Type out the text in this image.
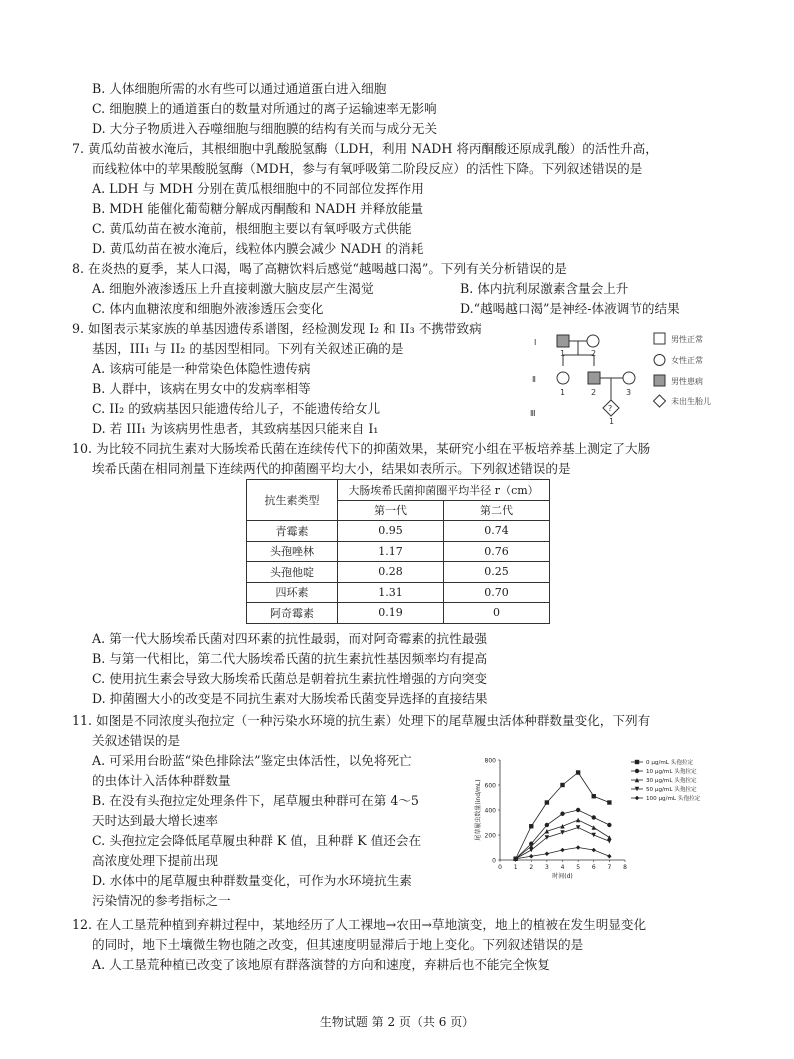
B. 人体细胞所需的水有些可以通过通道蛋白进入细胞
C. 细胞膜上的通道蛋白的数量对所通过的离子运输速率无影响
D. 大分子物质进入吞噬细胞与细胞膜的结构有关而与成分无关
7. 黄瓜幼苗被水淹后，其根细胞中乳酸脱氢酶（LDH，利用 NADH 将丙酮酸还原成乳酸）的活性升高，
而线粒体中的苹果酸脱氢酶（MDH，参与有氧呼吸第二阶段反应）的活性下降。下列叙述错误的是
A. LDH 与 MDH 分别在黄瓜根细胞中的不同部位发挥作用
B. MDH 能催化葡萄糖分解成丙酮酸和 NADH 并释放能量
C. 黄瓜幼苗在被水淹前，根细胞主要以有氧呼吸方式供能
D. 黄瓜幼苗在被水淹后，线粒体内膜会减少 NADH 的消耗
8. 在炎热的夏季，某人口渴，喝了高糖饮料后感觉“越喝越口渴”。下列有关分析错误的是
A. 细胞外液渗透压上升直接刺激大脑皮层产生渴觉	B. 体内抗利尿激素含量会上升
C. 体内血糖浓度和细胞外液渗透压会变化	D.“越喝越口渴”是神经-体液调节的结果
9. 如图表示某家族的单基因遗传系谱图，经检测发现 I₂ 和 II₃ 不携带致病
基因，III₁ 与 II₂ 的基因型相同。下列有关叙述正确的是
A. 该病可能是一种常染色体隐性遗传病
B. 人群中，该病在男女中的发病率相等
C. II₂ 的致病基因只能遗传给儿子，不能遗传给女儿
D. 若 III₁ 为该病男性患者，其致病基因只能来自 I₁
Ⅰ
Ⅱ
Ⅲ
1	2
1	2	3
?
1
男性正常
女性正常
男性患病
未出生胎儿
10. 为比较不同抗生素对大肠埃希氏菌在连续传代下的抑菌效果，某研究小组在平板培养基上测定了大肠
埃希氏菌在相同剂量下连续两代的抑菌圈平均大小，结果如表所示。下列叙述错误的是
抗生素类型	大肠埃希氏菌抑菌圈平均半径 r（cm）	
	第一代	第二代
青霉素	0.95	0.74
头孢唑林	1.17	0.76
头孢他啶	0.28	0.25
四环素	1.31	0.70
阿奇霉素	0.19	0
A. 第一代大肠埃希氏菌对四环素的抗性最弱，而对阿奇霉素的抗性最强
B. 与第一代相比，第二代大肠埃希氏菌的抗生素抗性基因频率均有提高
C. 使用抗生素会导致大肠埃希氏菌总是朝着抗生素抗性增强的方向突变
D. 抑菌圈大小的改变是不同抗生素对大肠埃希氏菌变异选择的直接结果
11. 如图是不同浓度头孢拉定（一种污染水环境的抗生素）处理下的尾草履虫活体种群数量变化，下列有
关叙述错误的是
A. 可采用台盼蓝“染色排除法”鉴定虫体活性，以免将死亡
的虫体计入活体种群数量
B. 在没有头孢拉定处理条件下，尾草履虫种群可在第 4～5
天时达到最大增长速率
C. 头孢拉定会降低尾草履虫种群 K 值，且种群 K 值还会在
高浓度处理下提前出现
D. 水体中的尾草履虫种群数量变化，可作为水环境抗生素
污染情况的参考指标之一
0
200
400
600
800
0 1 2 3 4 5 6 7 8
时间(d)
尾草履虫数量(ind/mL)
0 μg/mL 头孢拉定
10 μg/mL 头孢拉定
30 μg/mL 头孢拉定
50 μg/mL 头孢拉定
100 μg/mL 头孢拉定
12. 在人工垦荒种植到弃耕过程中，某地经历了人工裸地→农田→草地演变，地上的植被在发生明显变化
的同时，地下土壤微生物也随之改变，但其速度明显滞后于地上变化。下列叙述错误的是
A. 人工垦荒种植已改变了该地原有群落演替的方向和速度，弃耕后也不能完全恢复
生物试题 第 2 页（共 6 页）
